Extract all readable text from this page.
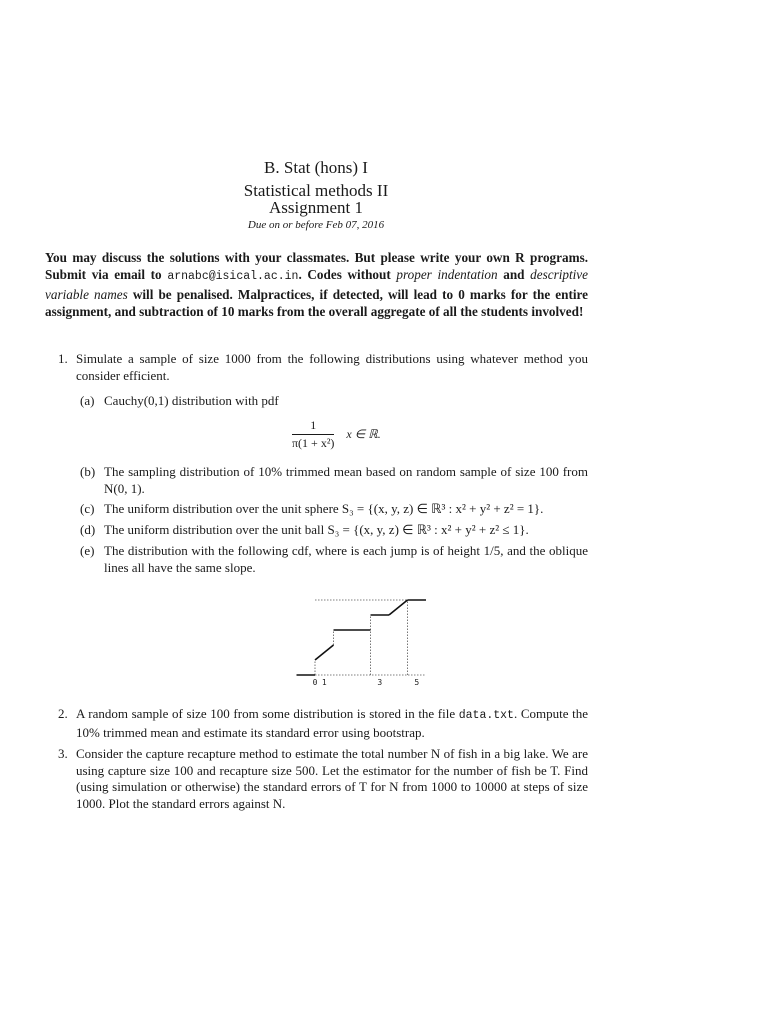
B. Stat (hons) I
Statistical methods II
Assignment 1
Due on or before Feb 07, 2016
You may discuss the solutions with your classmates. But please write your own R programs. Submit via email to arnabc@isical.ac.in. Codes without proper indentation and descriptive variable names will be penalised. Malpractices, if detected, will lead to 0 marks for the entire assignment, and subtraction of 10 marks from the overall aggregate of all the students involved!
1. Simulate a sample of size 1000 from the following distributions using whatever method you consider efficient.
(a) Cauchy(0,1) distribution with pdf
$\frac{1}{\text{π(1 + x²)}}$ x ∈ ℝ.
(b) The sampling distribution of 10% trimmed mean based on random sample of size 100 from N(0, 1).
(c) The uniform distribution over the unit sphere S₃ = {(x, y, z) ∈ ℝ³ : x² + y² + z² = 1}.
(d) The uniform distribution over the unit ball S₃ = {(x, y, z) ∈ ℝ³ : x² + y² + z² ≤ 1}.
(e) The distribution with the following cdf, where is each jump is of height 1/5, and the oblique lines all have the same slope.
0 1	3	5
2. A random sample of size 100 from some distribution is stored in the file data.txt. Compute the 10% trimmed mean and estimate its standard error using bootstrap.
3. Consider the capture recapture method to estimate the total number N of fish in a big lake. We are using capture size 100 and recapture size 500. Let the estimator for the number of fish be T. Find (using simulation or otherwise) the standard errors of T for N from 1000 to 10000 at steps of size 1000. Plot the standard errors against N.
